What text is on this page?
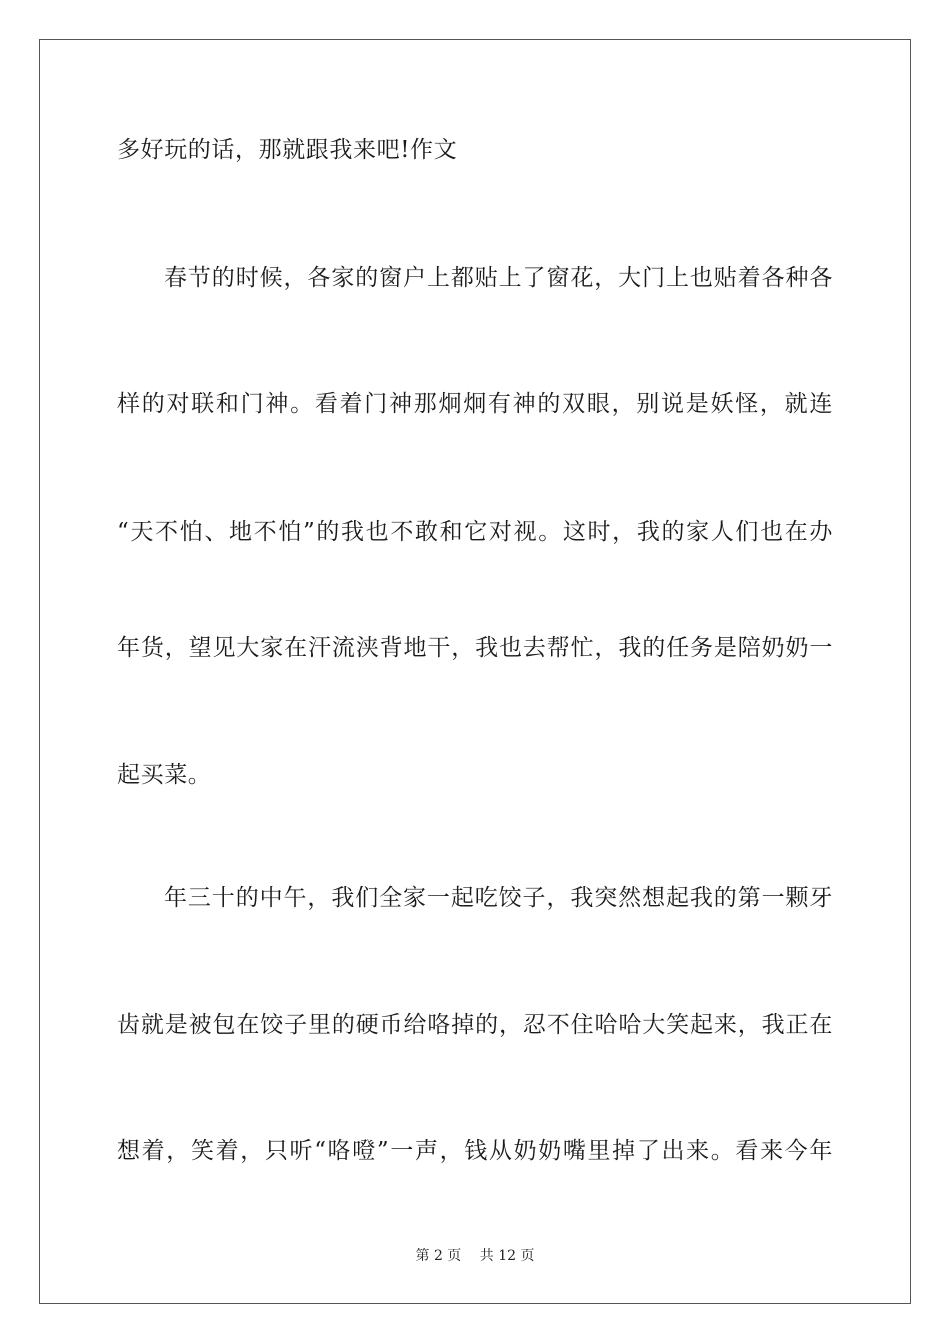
多好玩的话，那就跟我来吧!作文
春节的时候，各家的窗户上都贴上了窗花，大门上也贴着各种各
样的对联和门神。看着门神那炯炯有神的双眼，别说是妖怪，就连
“天不怕、地不怕”的我也不敢和它对视。这时，我的家人们也在办
年货，望见大家在汗流浃背地干，我也去帮忙，我的任务是陪奶奶一
起买菜。
年三十的中午，我们全家一起吃饺子，我突然想起我的第一颗牙
齿就是被包在饺子里的硬币给咯掉的，忍不住哈哈大笑起来，我正在
想着，笑着，只听“咯噔”一声，钱从奶奶嘴里掉了出来。看来今年
第 2 页　 共 12 页
